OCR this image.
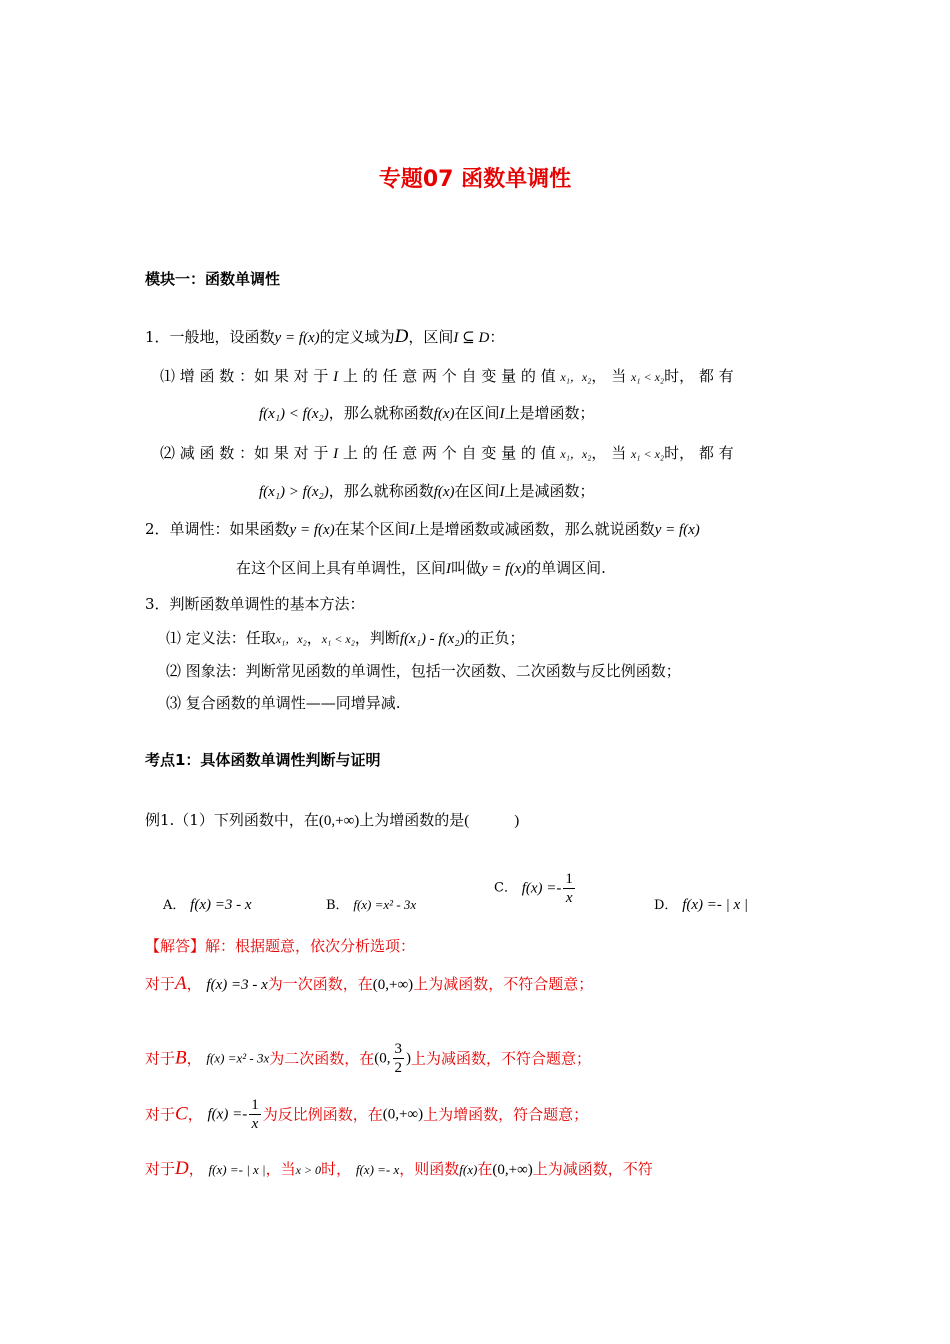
专题07 函数单调性
模块一：函数单调性
1．一般地，设函数y = f(x)的定义域为D，区间I ⊆ D：
⑴ 增 函 数 ：如 果 对 于 I 上 的 任 意 两 个 自 变 量 的 值 x₁，x₂， 当 x₁ < x₂时， 都 有
f(x₁) < f(x₂)，那么就称函数f(x)在区间I上是增函数；
⑵ 减 函 数 ：如 果 对 于 I 上 的 任 意 两 个 自 变 量 的 值 x₁，x₂， 当 x₁ < x₂时， 都 有
f(x₁) > f(x₂)，那么就称函数f(x)在区间I上是减函数；
2．单调性：如果函数y = f(x)在某个区间I上是增函数或减函数，那么就说函数y = f(x)
在这个区间上具有单调性，区间I叫做y = f(x)的单调区间.
3．判断函数单调性的基本方法：
⑴ 定义法：任取x₁，x₂，x₁ < x₂，判断f(x₁) - f(x₂)的正负；
⑵ 图象法：判断常见函数的单调性，包括一次函数、二次函数与反比例函数；
⑶ 复合函数的单调性——同增异减.
考点1：具体函数单调性判断与证明
例1.（1）下列函数中，在(0,+∞)上为增函数的是(　　　)
A． f(x) =3 - x	B． f(x) =x² - 3x
C． $f(x) =- \frac{1}{x}$	D． f(x) =- | x |
【解答】解：根据题意，依次分析选项：
对于A， f(x) =3 - x为一次函数，在(0,+∞)上为减函数，不符合题意；
对于B， f(x) =x² - 3x为二次函数，在(0, $\frac{3}{2}$ )上为减函数，不符合题意；
对于C， $f(x) =- \frac{1}{x}$ 为反比例函数，在(0,+∞)上为增函数，符合题意；
对于D， f(x) =- | x |，当x > 0时， f(x) =- x，则函数f(x)在(0,+∞)上为减函数，不符
